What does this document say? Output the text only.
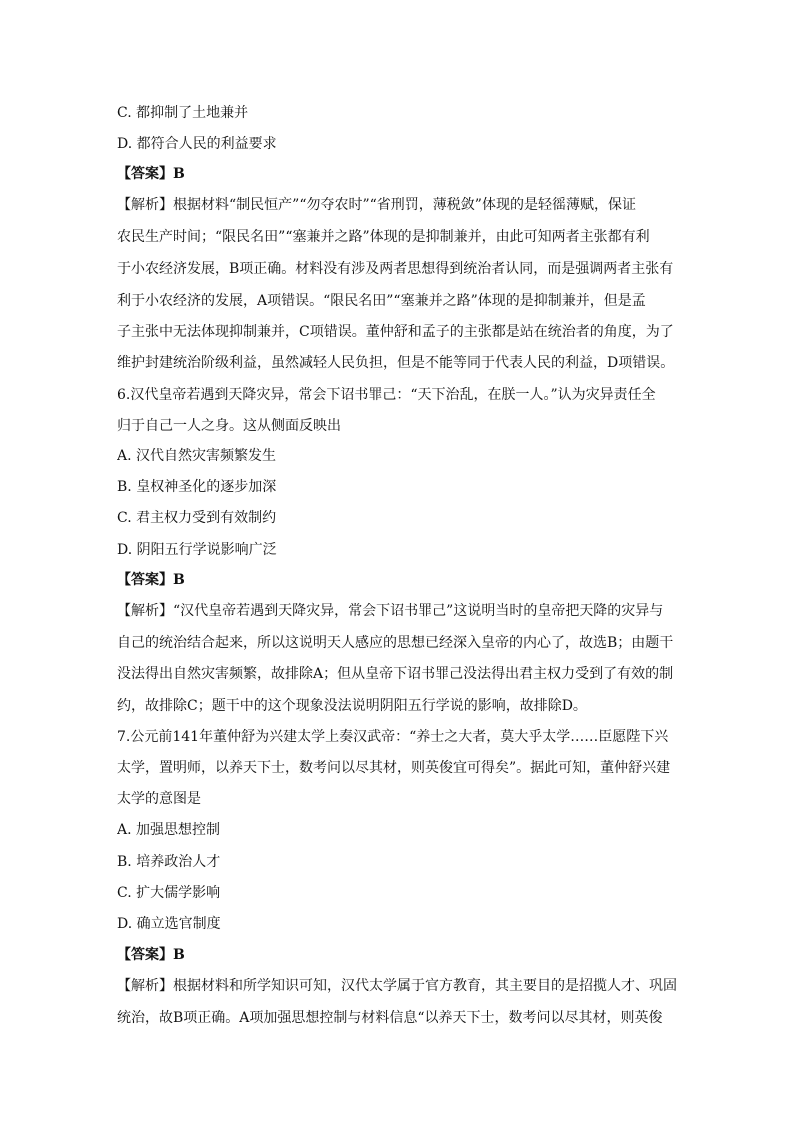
C. 都抑制了土地兼并
D. 都符合人民的利益要求
【答案】B
【解析】根据材料“制民恒产”“勿夺农时”“省刑罚，薄税敛”体现的是轻徭薄赋，保证
农民生产时间；“限民名田”“塞兼并之路”体现的是抑制兼并，由此可知两者主张都有利
于小农经济发展，B项正确。材料没有涉及两者思想得到统治者认同，而是强调两者主张有
利于小农经济的发展，A项错误。“限民名田”“塞兼并之路”体现的是抑制兼并，但是孟
子主张中无法体现抑制兼并，C项错误。董仲舒和孟子的主张都是站在统治者的角度，为了
维护封建统治阶级利益，虽然减轻人民负担，但是不能等同于代表人民的利益，D项错误。
6.汉代皇帝若遇到天降灾异，常会下诏书罪己：“天下治乱，在朕一人。”认为灾异责任全
归于自己一人之身。这从侧面反映出
A. 汉代自然灾害频繁发生
B. 皇权神圣化的逐步加深
C. 君主权力受到有效制约
D. 阴阳五行学说影响广泛
【答案】B
【解析】“汉代皇帝若遇到天降灾异，常会下诏书罪己”这说明当时的皇帝把天降的灾异与
自己的统治结合起来，所以这说明天人感应的思想已经深入皇帝的内心了，故选B；由题干
没法得出自然灾害频繁，故排除A；但从皇帝下诏书罪己没法得出君主权力受到了有效的制
约，故排除C；题干中的这个现象没法说明阴阳五行学说的影响，故排除D。
7.公元前141年董仲舒为兴建太学上奏汉武帝：“养士之大者，莫大乎太学……臣愿陛下兴
太学，置明师，以养天下士，数考问以尽其材，则英俊宜可得矣”。据此可知，董仲舒兴建
太学的意图是
A. 加强思想控制
B. 培养政治人才
C. 扩大儒学影响
D. 确立选官制度
【答案】B
【解析】根据材料和所学知识可知，汉代太学属于官方教育，其主要目的是招揽人才、巩固
统治，故B项正确。A项加强思想控制与材料信息“以养天下士，数考问以尽其材，则英俊
